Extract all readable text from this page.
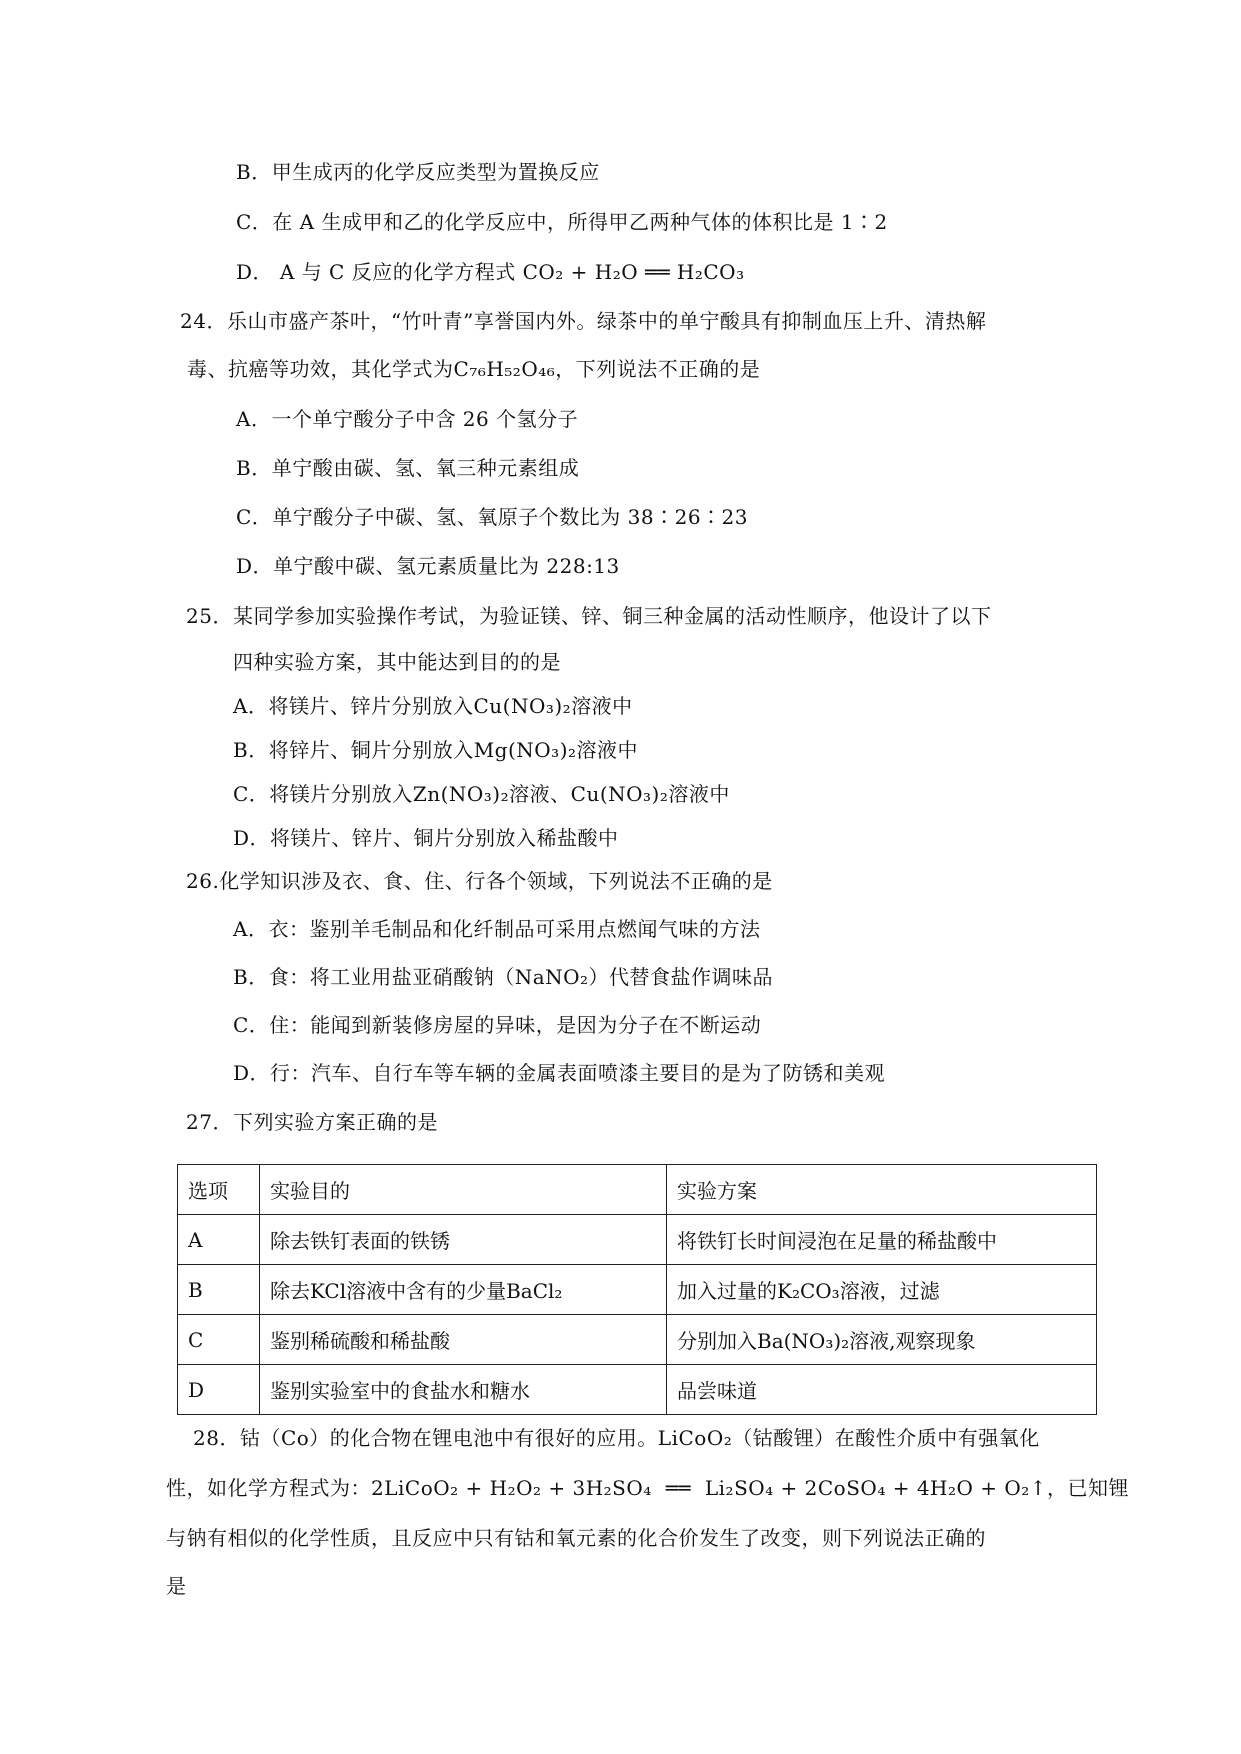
B．甲生成丙的化学反应类型为置换反应
C．在 A 生成甲和乙的化学反应中，所得甲乙两种气体的体积比是 1∶2
D． A 与 C 反应的化学方程式 CO₂ + H₂O ══ H₂CO₃
24．乐山市盛产茶叶，“竹叶青”享誉国内外。绿茶中的单宁酸具有抑制血压上升、清热解
毒、抗癌等功效，其化学式为C₇₆H₅₂O₄₆，下列说法不正确的是
A．一个单宁酸分子中含 26 个氢分子
B．单宁酸由碳、氢、氧三种元素组成
C．单宁酸分子中碳、氢、氧原子个数比为 38∶26∶23
D．单宁酸中碳、氢元素质量比为 228:13
25．某同学参加实验操作考试，为验证镁、锌、铜三种金属的活动性顺序，他设计了以下
四种实验方案，其中能达到目的的是
A．将镁片、锌片分别放入Cu(NO₃)₂溶液中
B．将锌片、铜片分别放入Mg(NO₃)₂溶液中
C．将镁片分别放入Zn(NO₃)₂溶液、Cu(NO₃)₂溶液中
D．将镁片、锌片、铜片分别放入稀盐酸中
26.化学知识涉及衣、食、住、行各个领域，下列说法不正确的是
A．衣：鉴别羊毛制品和化纤制品可采用点燃闻气味的方法
B．食：将工业用盐亚硝酸钠（NaNO₂）代替食盐作调味品
C．住：能闻到新装修房屋的异味，是因为分子在不断运动
D．行：汽车、自行车等车辆的金属表面喷漆主要目的是为了防锈和美观
27．下列实验方案正确的是
选项	实验目的	实验方案
A	除去铁钉表面的铁锈	将铁钉长时间浸泡在足量的稀盐酸中
B	除去KCl溶液中含有的少量BaCl₂	加入过量的K₂CO₃溶液，过滤
C	鉴别稀硫酸和稀盐酸	分别加入Ba(NO₃)₂溶液,观察现象
D	鉴别实验室中的食盐水和糖水	品尝味道
28．钴（Co）的化合物在锂电池中有很好的应用。LiCoO₂（钴酸锂）在酸性介质中有强氧化
性，如化学方程式为：2LiCoO₂ + H₂O₂ + 3H₂SO₄ ══ Li₂SO₄ + 2CoSO₄ + 4H₂O + O₂↑，已知锂
与钠有相似的化学性质，且反应中只有钴和氧元素的化合价发生了改变，则下列说法正确的
是
